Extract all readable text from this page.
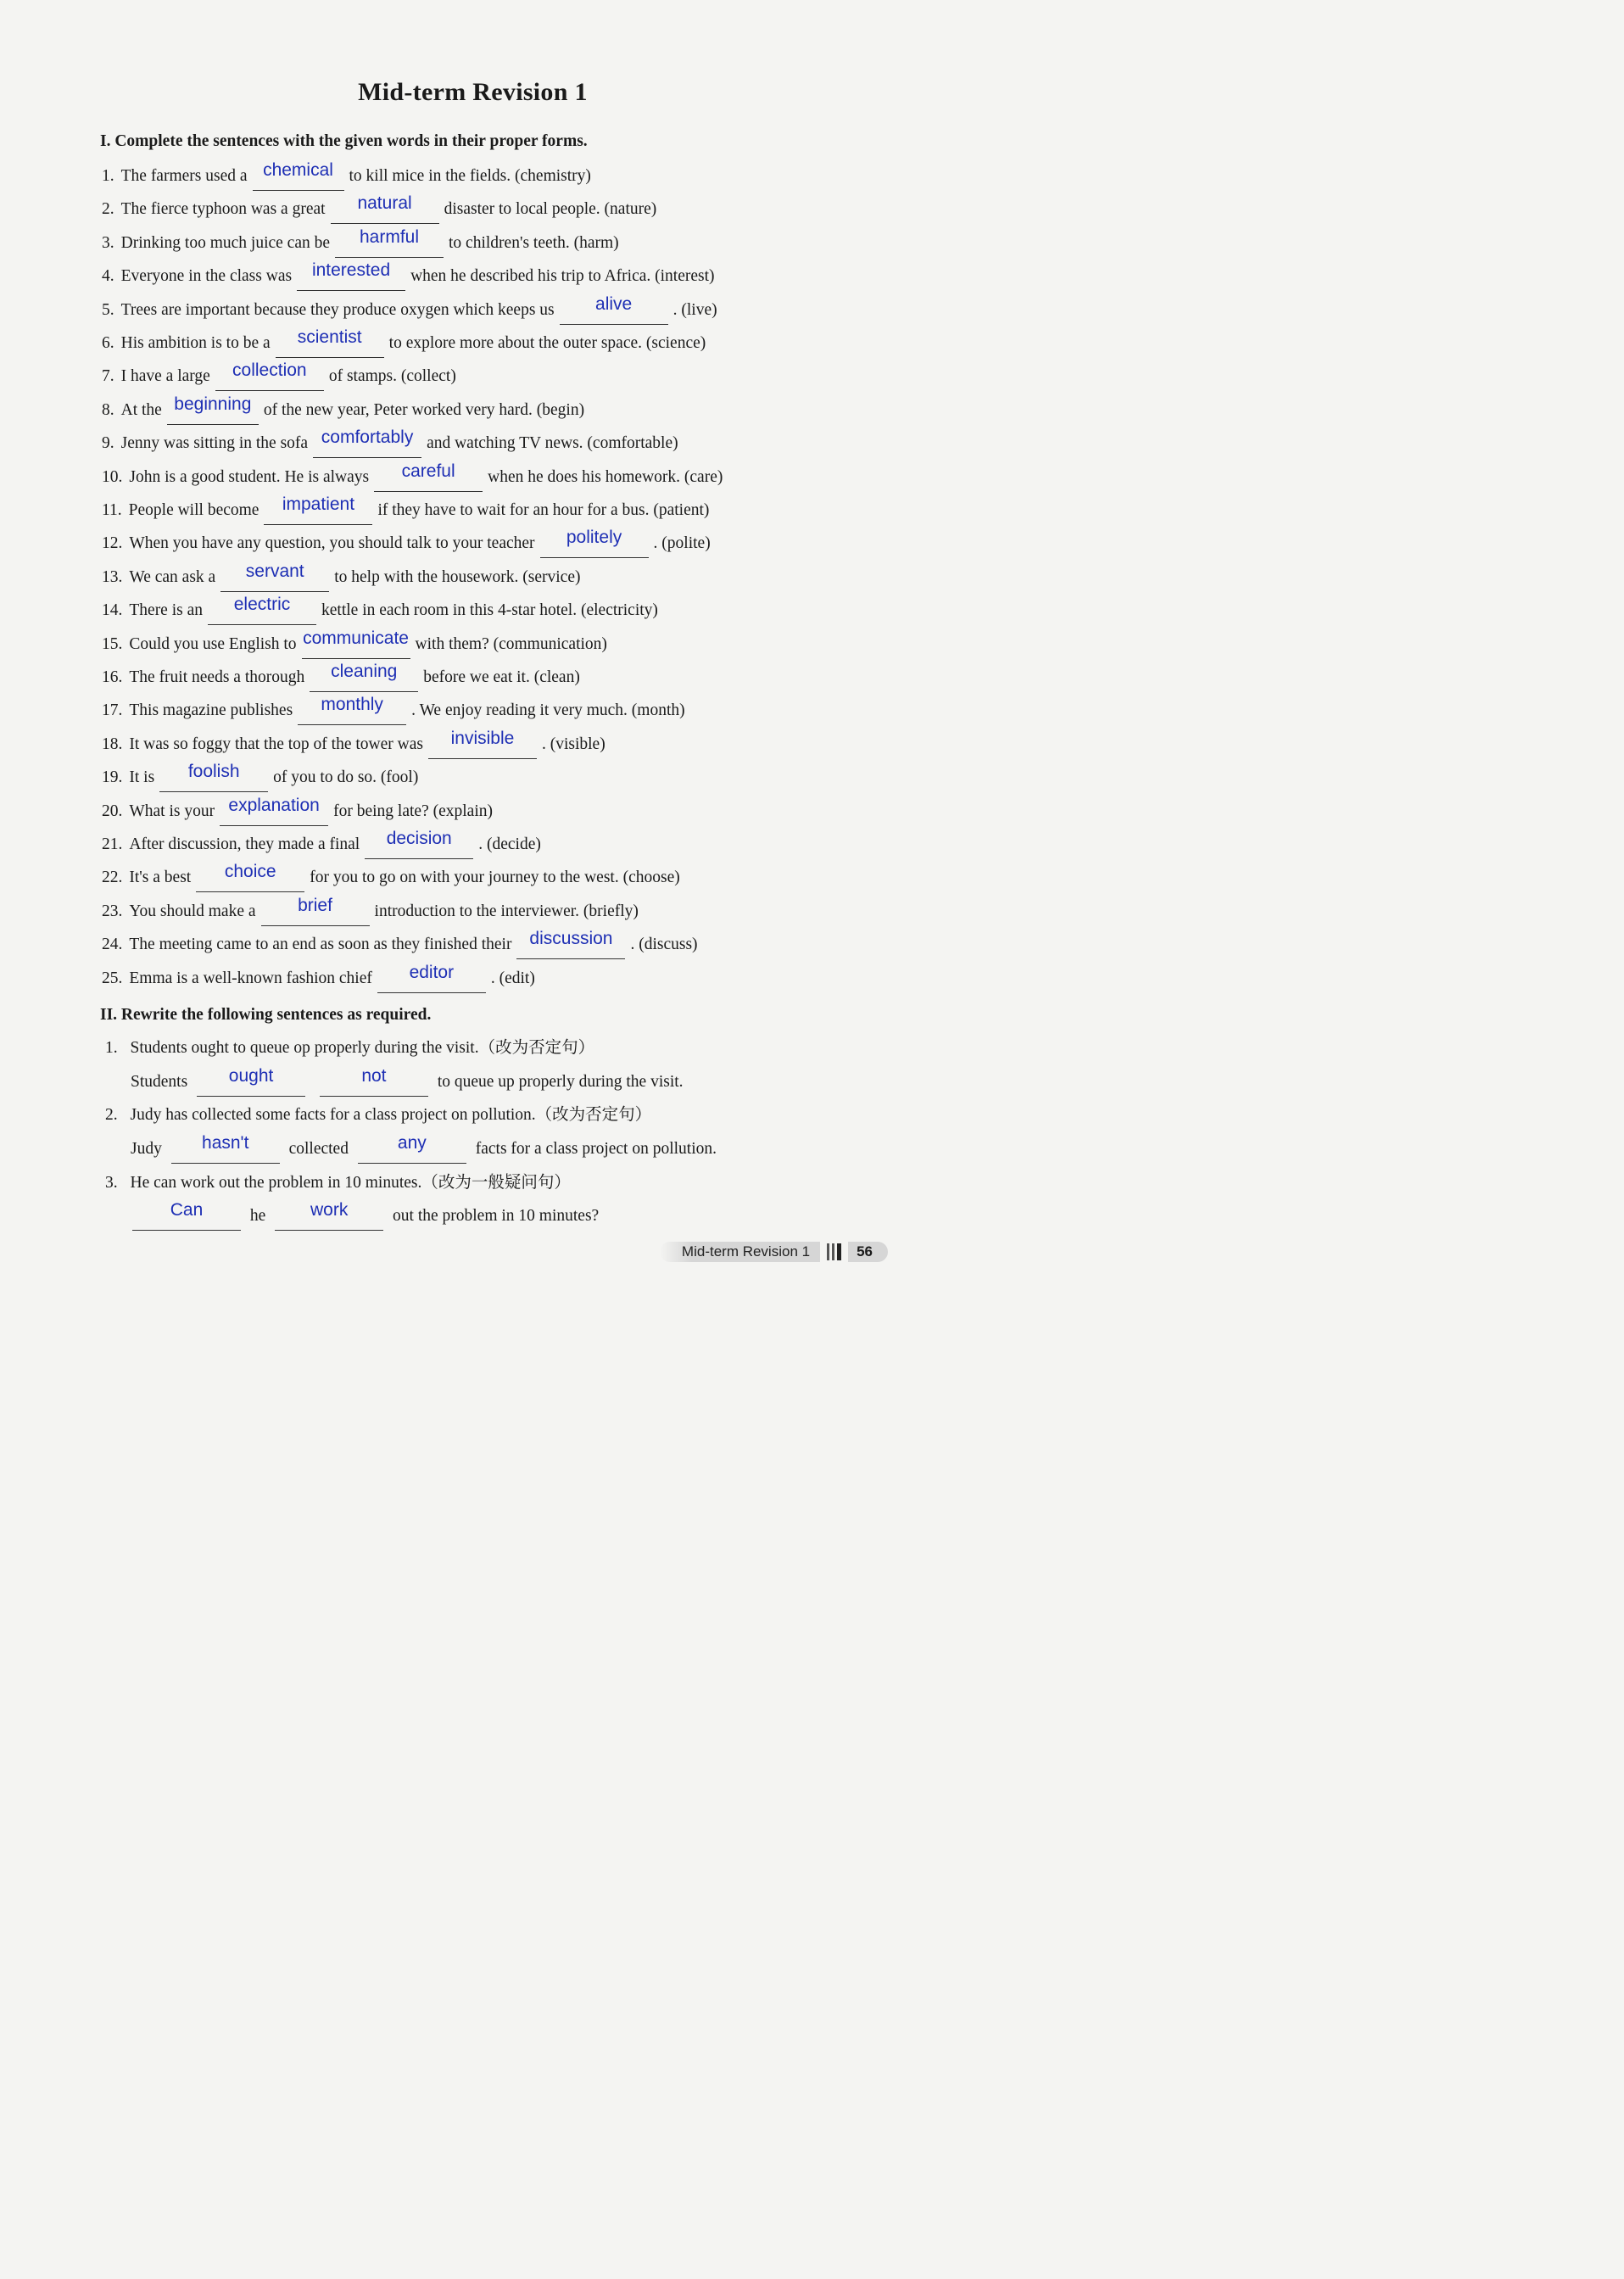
Mid-term Revision 1
I. Complete the sentences with the given words in their proper forms.
1. The farmers used a chemical to kill mice in the fields. (chemistry)
2. The fierce typhoon was a great natural disaster to local people. (nature)
3. Drinking too much juice can be harmful to children's teeth. (harm)
4. Everyone in the class was interested when he described his trip to Africa. (interest)
5. Trees are important because they produce oxygen which keeps us alive . (live)
6. His ambition is to be a scientist to explore more about the outer space. (science)
7. I have a large collection of stamps. (collect)
8. At the beginning of the new year, Peter worked very hard. (begin)
9. Jenny was sitting in the sofa comfortably and watching TV news. (comfortable)
10. John is a good student. He is always careful when he does his homework. (care)
11. People will become impatient if they have to wait for an hour for a bus. (patient)
12. When you have any question, you should talk to your teacher politely . (polite)
13. We can ask a servant to help with the housework. (service)
14. There is an electric kettle in each room in this 4-star hotel. (electricity)
15. Could you use English to communicate with them? (communication)
16. The fruit needs a thorough cleaning before we eat it. (clean)
17. This magazine publishes monthly . We enjoy reading it very much. (month)
18. It was so foggy that the top of the tower was invisible . (visible)
19. It is foolish of you to do so. (fool)
20. What is your explanation for being late? (explain)
21. After discussion, they made a final decision . (decide)
22. It's a best choice for you to go on with your journey to the west. (choose)
23. You should make a brief	introduction to the interviewer. (briefly)
24. The meeting came to an end as soon as they finished their discussion . (discuss)
25. Emma is a well-known fashion chief editor . (edit)
II. Rewrite the following sentences as required.
1. Students ought to queue op properly during the visit.（改为否定句）
Students ought	not	to queue up properly during the visit.
2. Judy has collected some facts for a class project on pollution.（改为否定句）
Judy hasn't collected	any	facts for a class project on pollution.
3. He can work out the problem in 10 minutes.（改为一般疑问句）
Can	he	work	out the problem in 10 minutes?
Mid-term Revision 1	56
